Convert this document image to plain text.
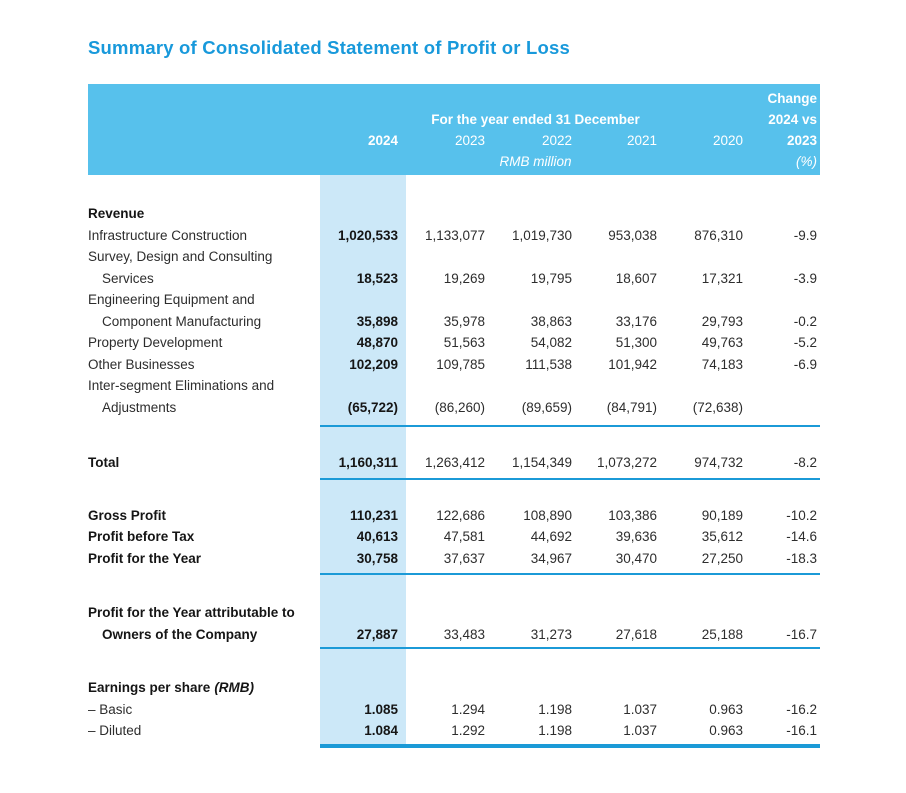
Summary of Consolidated Statement of Profit or Loss
Change
For the year ended 31 December	2024 vs
2024	2023	2022	2021	2020	2023
RMB million	(%)
Revenue
Infrastructure Construction	1,020,533	1,133,077	1,019,730	953,038	876,310	-9.9
Survey, Design and Consulting
Services	18,523	19,269	19,795	18,607	17,321	-3.9
Engineering Equipment and
Component Manufacturing	35,898	35,978	38,863	33,176	29,793	-0.2
Property Development	48,870	51,563	54,082	51,300	49,763	-5.2
Other Businesses	102,209	109,785	111,538	101,942	74,183	-6.9
Inter-segment Eliminations and
Adjustments	(65,722)	(86,260)	(89,659)	(84,791)	(72,638)
Total	1,160,311	1,263,412	1,154,349	1,073,272	974,732	-8.2
Gross Profit	110,231	122,686	108,890	103,386	90,189	-10.2
Profit before Tax	40,613	47,581	44,692	39,636	35,612	-14.6
Profit for the Year	30,758	37,637	34,967	30,470	27,250	-18.3
Profit for the Year attributable to
Owners of the Company	27,887	33,483	31,273	27,618	25,188	-16.7
Earnings per share (RMB)
– Basic	1.085	1.294	1.198	1.037	0.963	-16.2
– Diluted	1.084	1.292	1.198	1.037	0.963	-16.1
